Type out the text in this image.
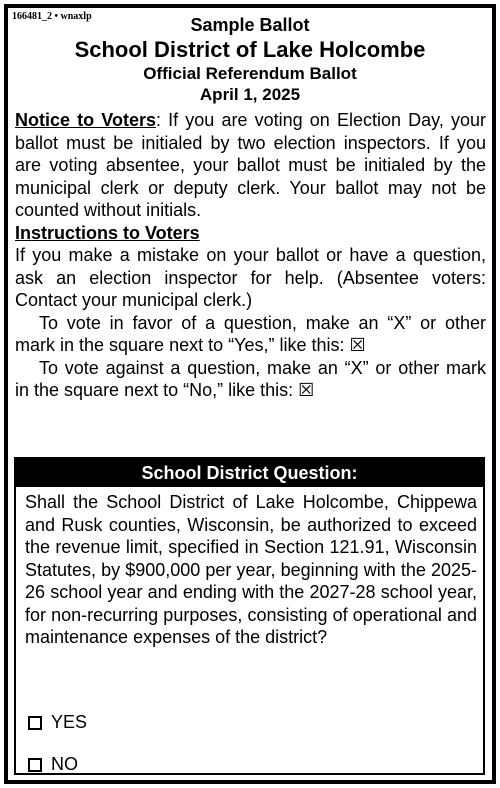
166481_2 • wnaxlp	Sample Ballot
School District of Lake Holcombe
Official Referendum Ballot
April 1, 2025

Notice to Voters: If you are voting on Election Day, your ballot must be initialed by two election inspectors. If you are voting absentee, your ballot must be initialed by the municipal clerk or deputy clerk. Your ballot may not be counted without initials.

Instructions to Voters

If you make a mistake on your ballot or have a question, ask an election inspector for help. (Absentee voters: Contact your municipal clerk.)

To vote in favor of a question, make an “X” or other mark in the square next to “Yes,” like this: ☒

To vote against a question, make an “X” or other mark in the square next to “No,” like this: ☒

School District Question:
Shall the School District of Lake Holcombe, Chippewa and Rusk counties, Wisconsin, be authorized to exceed the revenue limit, specified in Section 121.91, Wisconsin Statutes, by $900,000 per year, beginning with the 2025-26 school year and ending with the 2027-28 school year, for non-recurring purposes, consisting of operational and maintenance expenses of the district?
YES
NO
